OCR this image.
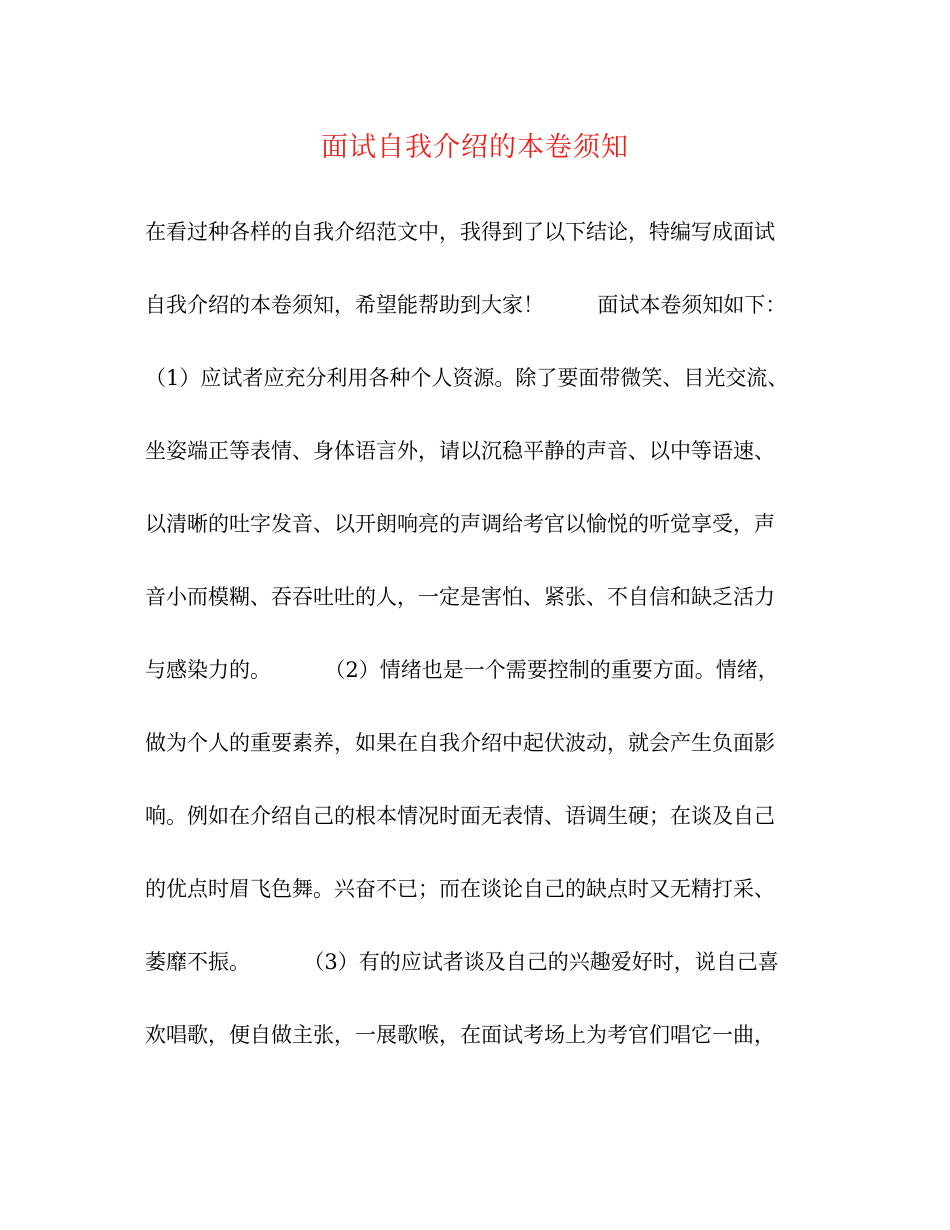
面试自我介绍的本卷须知
在看过种各样的自我介绍范文中，我得到了以下结论，特编写成面试
自我介绍的本卷须知，希望能帮助到大家！        面试本卷须知如下：
（1）应试者应充分利用各种个人资源。除了要面带微笑、目光交流、
坐姿端正等表情、身体语言外，请以沉稳平静的声音、以中等语速、
以清晰的吐字发音、以开朗响亮的声调给考官以愉悦的听觉享受，声
音小而模糊、吞吞吐吐的人，一定是害怕、紧张、不自信和缺乏活力
与感染力的。        （2）情绪也是一个需要控制的重要方面。情绪，
做为个人的重要素养，如果在自我介绍中起伏波动，就会产生负面影
响。例如在介绍自己的根本情况时面无表情、语调生硬；在谈及自己
的优点时眉飞色舞。兴奋不已；而在谈论自己的缺点时又无精打采、
萎靡不振。        （3）有的应试者谈及自己的兴趣爱好时，说自己喜
欢唱歌，便自做主张，一展歌喉，在面试考场上为考官们唱它一曲，
